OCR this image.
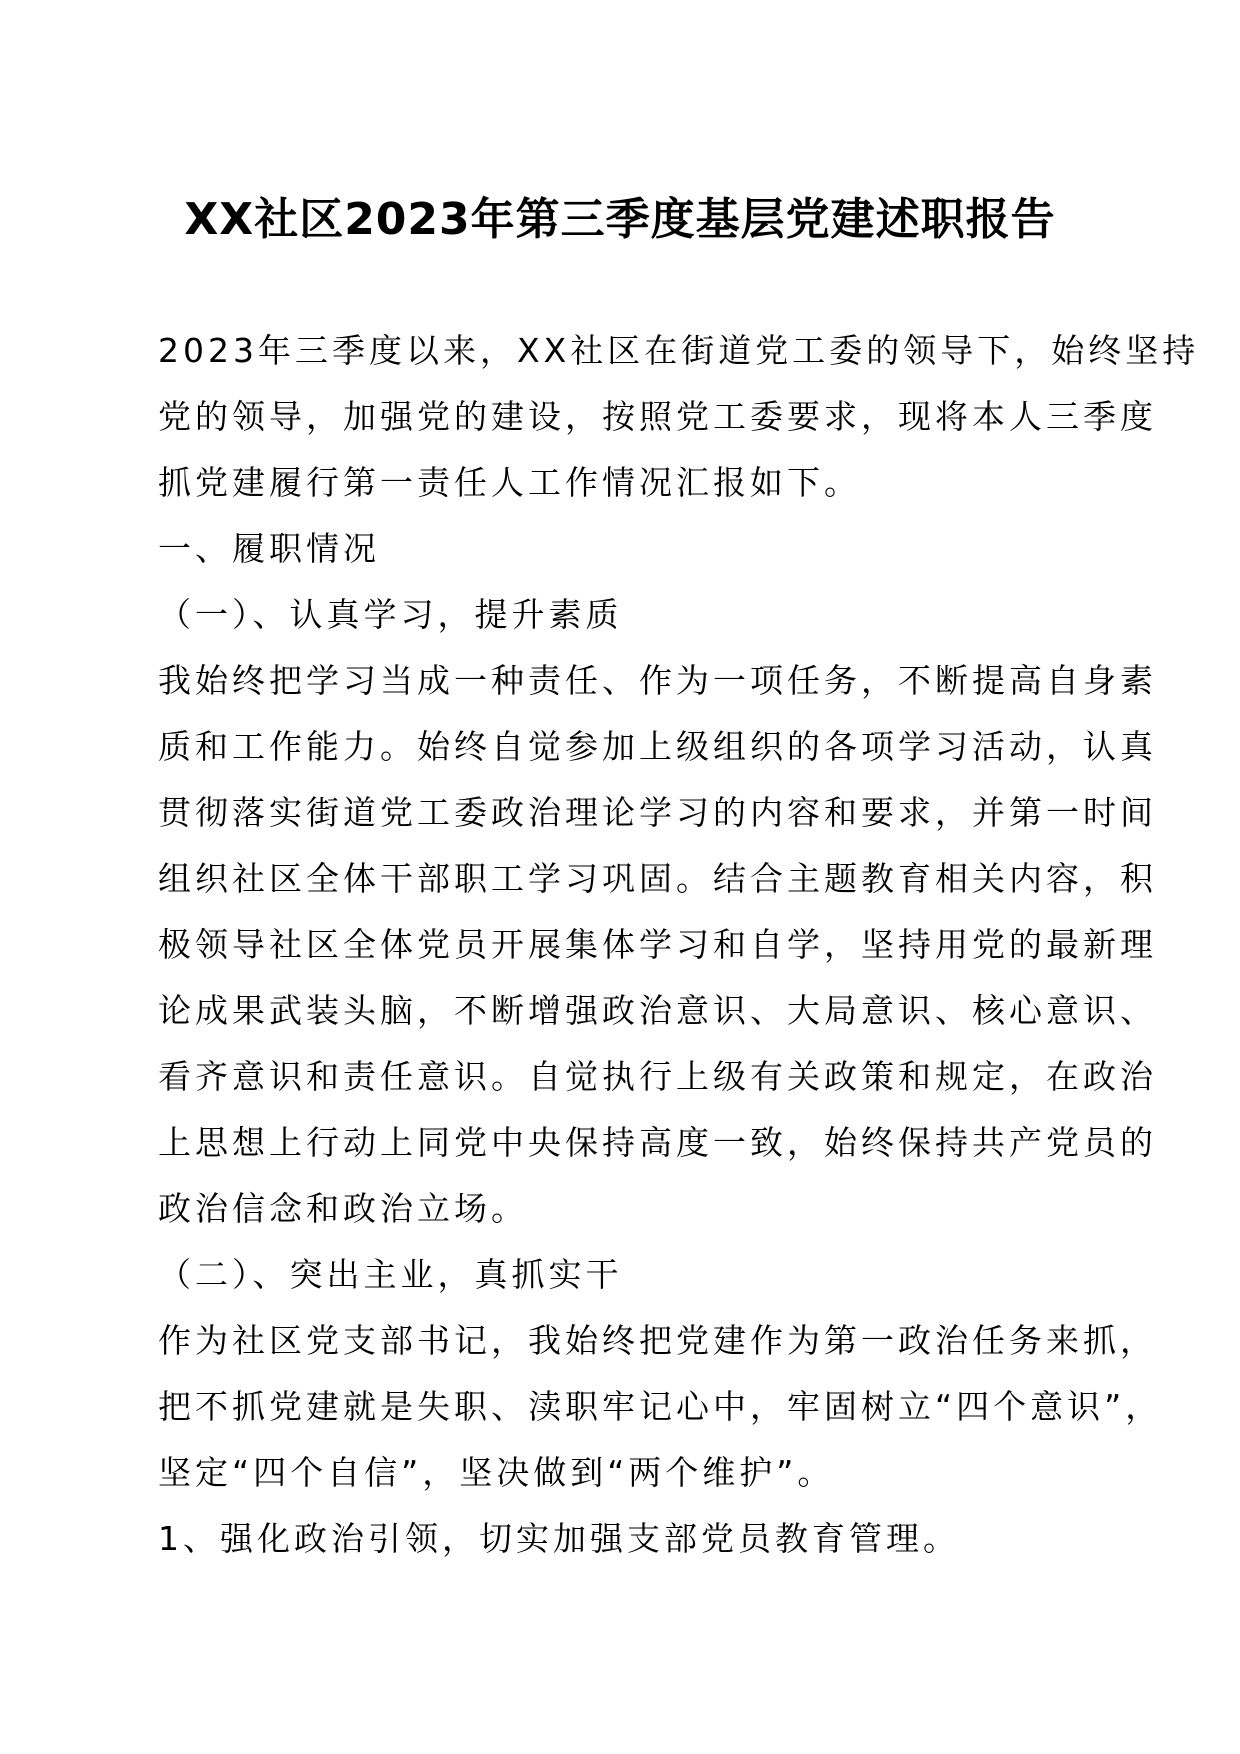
XX社区2023年第三季度基层党建述职报告
2023年三季度以来，XX社区在街道党工委的领导下，始终坚持
党的领导，加强党的建设，按照党工委要求，现将本人三季度
抓党建履行第一责任人工作情况汇报如下。
一、履职情况
（一）、认真学习，提升素质
我始终把学习当成一种责任、作为一项任务，不断提高自身素
质和工作能力。始终自觉参加上级组织的各项学习活动，认真
贯彻落实街道党工委政治理论学习的内容和要求，并第一时间
组织社区全体干部职工学习巩固。结合主题教育相关内容，积
极领导社区全体党员开展集体学习和自学，坚持用党的最新理
论成果武装头脑，不断增强政治意识、大局意识、核心意识、
看齐意识和责任意识。自觉执行上级有关政策和规定，在政治
上思想上行动上同党中央保持高度一致，始终保持共产党员的
政治信念和政治立场。
（二）、突出主业，真抓实干
作为社区党支部书记，我始终把党建作为第一政治任务来抓，
把不抓党建就是失职、渎职牢记心中，牢固树立“四个意识”，
坚定“四个自信”，坚决做到“两个维护”。
1、强化政治引领，切实加强支部党员教育管理。
